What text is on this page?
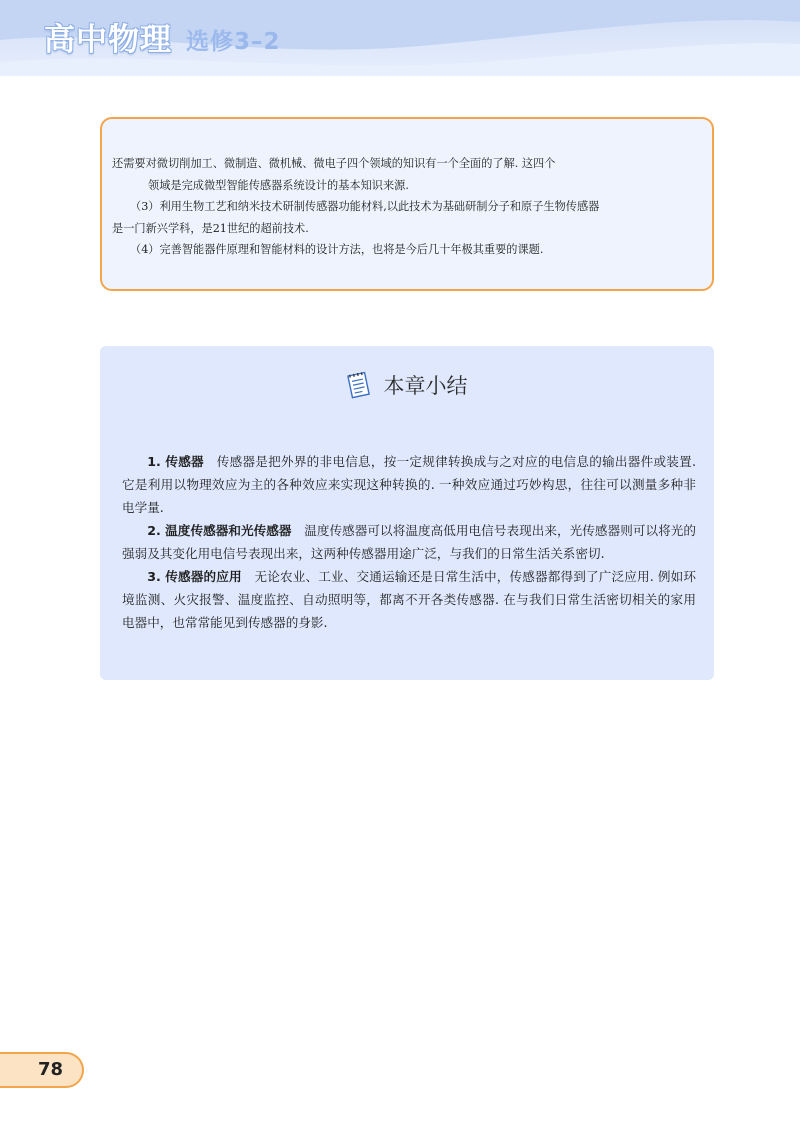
高中物理 选修3–2

还需要对微切削加工、微制造、微机械、微电子四个领域的知识有一个全面的了解. 这四个

领域是完成微型智能传感器系统设计的基本知识来源.

（3）利用生物工艺和纳米技术研制传感器功能材料,以此技术为基础研制分子和原子生物传感器

是一门新兴学科，是21世纪的超前技术.

（4）完善智能器件原理和智能材料的设计方法，也将是今后几十年极其重要的课题.

本章小结

1. 传感器　传感器是把外界的非电信息，按一定规律转换成与之对应的电信息的输出器件或装置. 它是利用以物理效应为主的各种效应来实现这种转换的. 一种效应通过巧妙构思，往往可以测量多种非电学量.

2. 温度传感器和光传感器　温度传感器可以将温度高低用电信号表现出来，光传感器则可以将光的强弱及其变化用电信号表现出来，这两种传感器用途广泛，与我们的日常生活关系密切.

3. 传感器的应用　无论农业、工业、交通运输还是日常生活中，传感器都得到了广泛应用. 例如环境监测、火灾报警、温度监控、自动照明等，都离不开各类传感器. 在与我们日常生活密切相关的家用电器中，也常常能见到传感器的身影.

78
